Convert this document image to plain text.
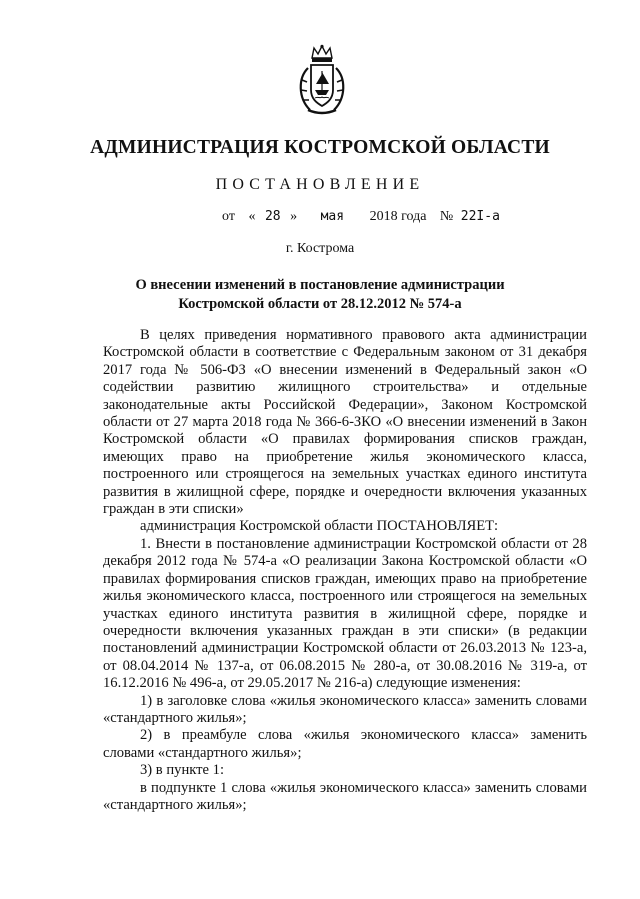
АДМИНИСТРАЦИЯ КОСТРОМСКОЙ ОБЛАСТИ
ПОСТАНОВЛЕНИЕ
от « 28 » мая 2018 года № 22I-а
г. Кострома
О внесении изменений в постановление администрации
Костромской области от 28.12.2012 № 574-а

В целях приведения нормативного правового акта администрации Костромской области в соответствие с Федеральным законом от 31 декабря 2017 года № 506-ФЗ «О внесении изменений в Федеральный закон «О содействии развитию жилищного строительства» и отдельные законодательные акты Российской Федерации», Законом Костромской области от 27 марта 2018 года № 366-6-ЗКО «О внесении изменений в Закон Костромской области «О правилах формирования списков граждан, имеющих право на приобретение жилья экономического класса, построенного или строящегося на земельных участках единого института развития в жилищной сфере, порядке и очередности включения указанных граждан в эти списки»

администрация Костромской области ПОСТАНОВЛЯЕТ:

1. Внести в постановление администрации Костромской области от 28 декабря 2012 года № 574-а «О реализации Закона Костромской области «О правилах формирования списков граждан, имеющих право на приобретение жилья экономического класса, построенного или строящегося на земельных участках единого института развития в жилищной сфере, порядке и очередности включения указанных граждан в эти списки» (в редакции постановлений администрации Костромской области от 26.03.2013 № 123-а, от 08.04.2014 № 137-а, от 06.08.2015 № 280-а, от 30.08.2016 № 319-а, от 16.12.2016 № 496-а, от 29.05.2017 № 216-а) следующие изменения:

1) в заголовке слова «жилья экономического класса» заменить словами «стандартного жилья»;

2) в преамбуле слова «жилья экономического класса» заменить словами «стандартного жилья»;

3) в пункте 1:

в подпункте 1 слова «жилья экономического класса» заменить словами «стандартного жилья»;
